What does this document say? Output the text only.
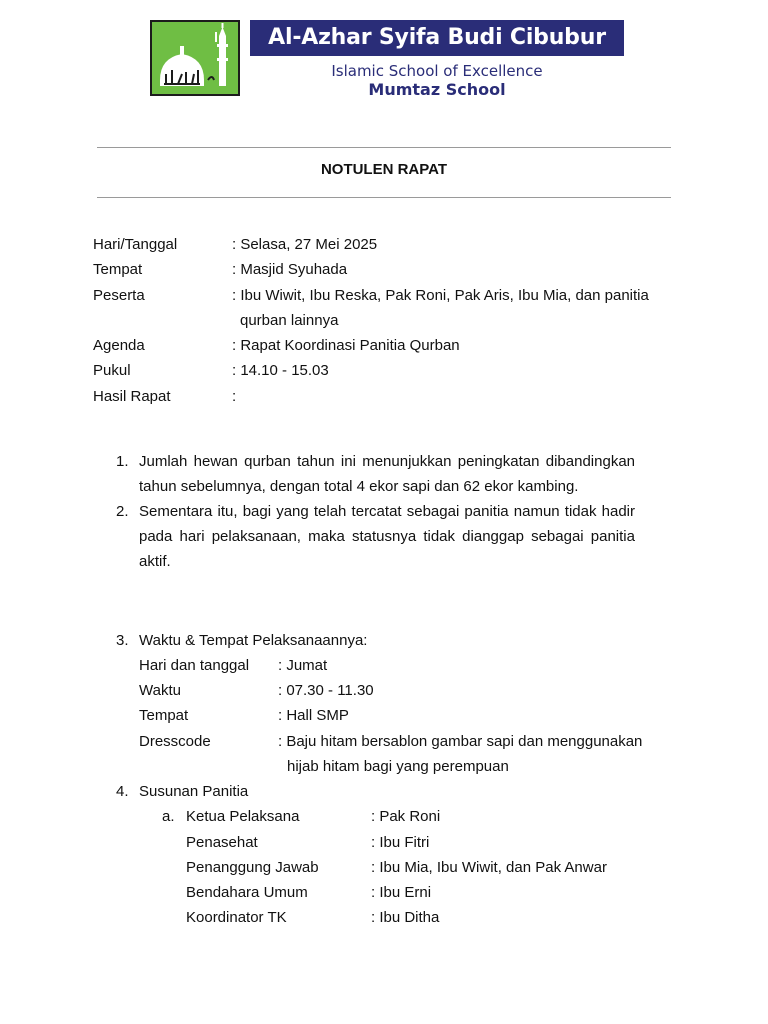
Al-Azhar Syifa Budi Cibubur
Islamic School of Excellence
Mumtaz School
NOTULEN RAPAT
Hari/Tanggal	: Selasa, 27 Mei 2025
Tempat	: Masjid Syuhada
Peserta	: Ibu Wiwit, Ibu Reska, Pak Roni, Pak Aris, Ibu Mia, dan panitia
qurban lainnya
Agenda	: Rapat Koordinasi Panitia Qurban
Pukul	: 14.10 - 15.03
Hasil Rapat	:
1. Jumlah hewan qurban tahun ini menunjukkan peningkatan dibandingkan tahun sebelumnya, dengan total 4 ekor sapi dan 62 ekor kambing.
2. Sementara itu, bagi yang telah tercatat sebagai panitia namun tidak hadir pada hari pelaksanaan, maka statusnya tidak dianggap sebagai panitia aktif.
3. Waktu & Tempat Pelaksanaannya:
Hari dan tanggal : Jumat
Waktu	: 07.30 - 11.30
Tempat	: Hall SMP
Dresscode	: Baju hitam bersablon gambar sapi dan menggunakan
hijab hitam bagi yang perempuan
4. Susunan Panitia
a. Ketua Pelaksana	: Pak Roni
Penasehat	: Ibu Fitri
Penanggung Jawab	: Ibu Mia, Ibu Wiwit, dan Pak Anwar
Bendahara Umum	: Ibu Erni
Koordinator TK	: Ibu Ditha
